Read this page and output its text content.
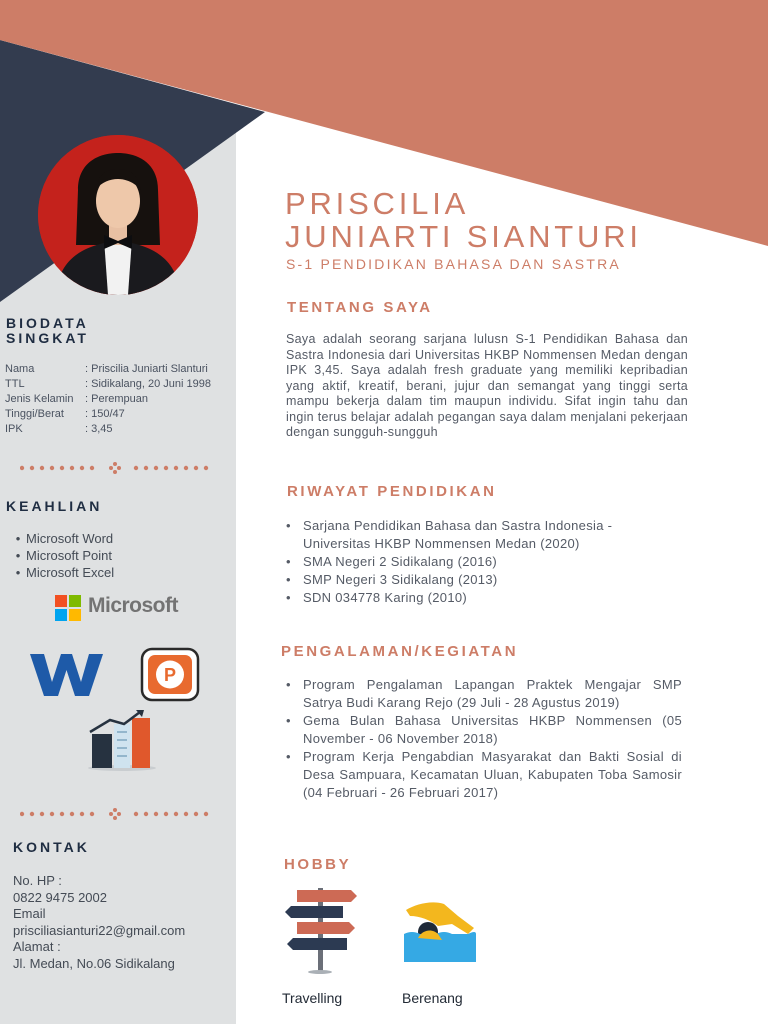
BIODATA
SINGKAT
Nama	: Priscilia Juniarti Slanturi
TTL	: Sidikalang, 20 Juni 1998
Jenis Kelamin	: Perempuan
Tinggi/Berat	: 150/47
IPK	: 3,45
KEAHLIAN
• Microsoft Word
• Microsoft Point
• Microsoft Excel
Microsoft
P
KONTAK
No. HP :
0822 9475 2002
Email
prisciliasianturi22@gmail.com
Alamat :
Jl. Medan, No.06 Sidikalang
PRISCILIA
JUNIARTI SIANTURI
S-1 PENDIDIKAN BAHASA DAN SASTRA
TENTANG SAYA
Saya adalah seorang sarjana lulusn S-1 Pendidikan Bahasa dan Sastra Indonesia dari Universitas HKBP Nommensen Medan dengan IPK 3,45. Saya adalah fresh graduate yang memiliki kepribadian yang aktif, kreatif, berani, jujur dan semangat yang tinggi serta mampu bekerja dalam tim maupun individu. Sifat ingin tahu dan ingin terus belajar adalah pegangan saya dalam menjalani pekerjaan dengan sungguh-sungguh
RIWAYAT PENDIDIKAN
• Sarjana Pendidikan Bahasa dan Sastra Indonesia - Universitas HKBP Nommensen Medan (2020)
• SMA Negeri 2 Sidikalang (2016)
• SMP Negeri 3 Sidikalang (2013)
• SDN 034778 Karing (2010)
PENGALAMAN/KEGIATAN
• Program Pengalaman Lapangan Praktek Mengajar SMP Satrya Budi Karang Rejo (29 Juli - 28 Agustus 2019)
• Gema Bulan Bahasa Universitas HKBP Nommensen (05 November - 06 November 2018)
• Program Kerja Pengabdian Masyarakat dan Bakti Sosial di Desa Sampuara, Kecamatan Uluan, Kabupaten Toba Samosir (04 Februari - 26 Februari 2017)
HOBBY
Travelling	Berenang
